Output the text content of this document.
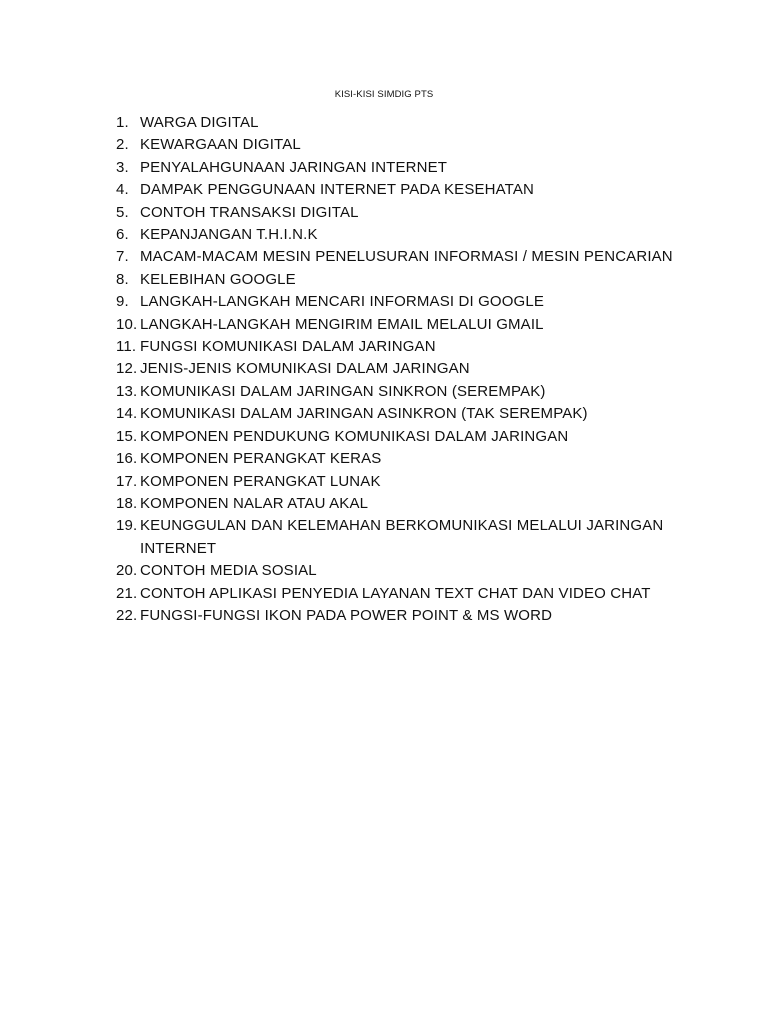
KISI-KISI SIMDIG PTS
1. WARGA DIGITAL
2. KEWARGAAN DIGITAL
3. PENYALAHGUNAAN JARINGAN INTERNET
4. DAMPAK PENGGUNAAN INTERNET PADA KESEHATAN
5. CONTOH TRANSAKSI DIGITAL
6. KEPANJANGAN T.H.I.N.K
7. MACAM-MACAM MESIN PENELUSURAN INFORMASI / MESIN PENCARIAN
8. KELEBIHAN GOOGLE
9. LANGKAH-LANGKAH MENCARI INFORMASI DI GOOGLE
10. LANGKAH-LANGKAH MENGIRIM EMAIL MELALUI GMAIL
11. FUNGSI KOMUNIKASI DALAM JARINGAN
12. JENIS-JENIS KOMUNIKASI DALAM JARINGAN
13. KOMUNIKASI DALAM JARINGAN SINKRON (SEREMPAK)
14. KOMUNIKASI DALAM JARINGAN ASINKRON (TAK SEREMPAK)
15. KOMPONEN PENDUKUNG KOMUNIKASI DALAM JARINGAN
16. KOMPONEN PERANGKAT KERAS
17. KOMPONEN PERANGKAT LUNAK
18. KOMPONEN NALAR ATAU AKAL
19. KEUNGGULAN DAN KELEMAHAN BERKOMUNIKASI MELALUI JARINGAN INTERNET
20. CONTOH MEDIA SOSIAL
21. CONTOH APLIKASI PENYEDIA LAYANAN TEXT CHAT DAN VIDEO CHAT
22. FUNGSI-FUNGSI IKON PADA POWER POINT & MS WORD
